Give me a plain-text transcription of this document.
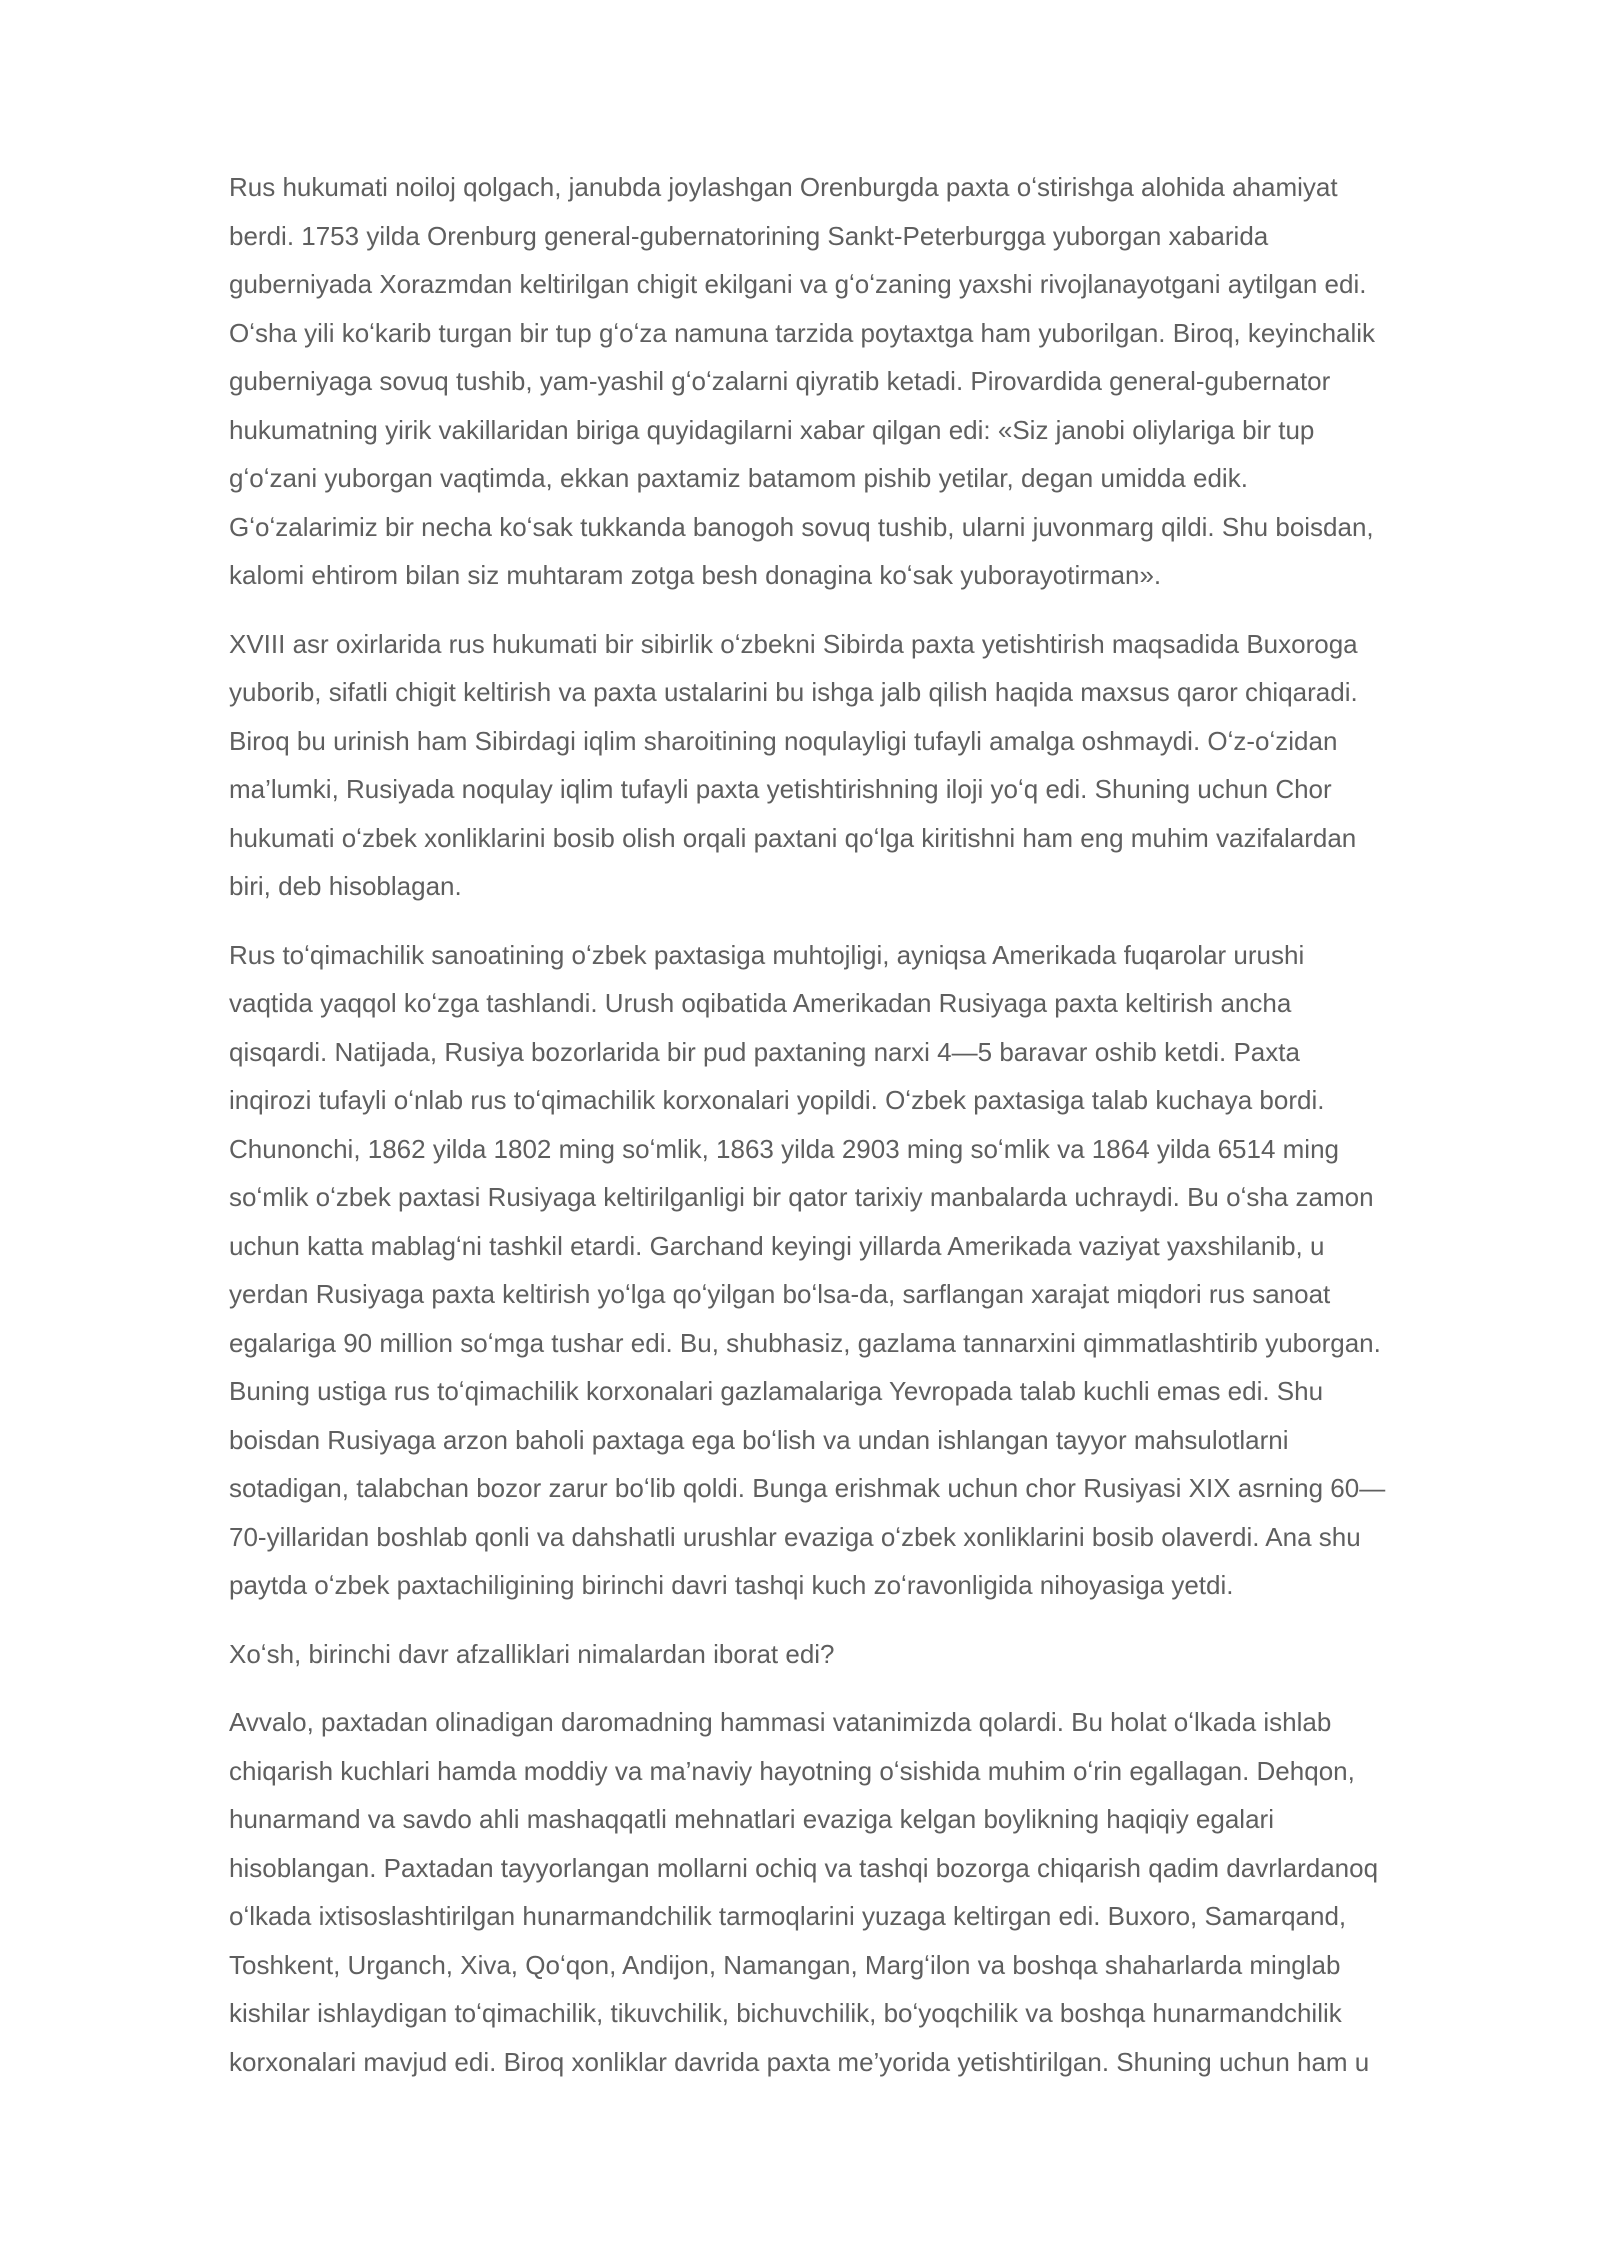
Rus hukumati noiloj qolgach, janubda joylashgan Orenburgda paxta oʻstirishga alohida ahamiyat
berdi. 1753 yilda Orenburg general-gubernatorining Sankt-Peterburgga yuborgan xabarida
guberniyada Xorazmdan keltirilgan chigit ekilgani va gʻoʻzaning yaxshi rivojlanayotgani aytilgan edi.
Oʻsha yili koʻkarib turgan bir tup gʻoʻza namuna tarzida poytaxtga ham yuborilgan. Biroq, keyinchalik
guberniyaga sovuq tushib, yam-yashil gʻoʻzalarni qiyratib ketadi. Pirovardida general-gubernator
hukumatning yirik vakillaridan biriga quyidagilarni xabar qilgan edi: «Siz janobi oliylariga bir tup
gʻoʻzani yuborgan vaqtimda, ekkan paxtamiz batamom pishib yetilar, degan umidda edik.
Gʻoʻzalarimiz bir necha koʻsak tukkanda banogoh sovuq tushib, ularni juvonmarg qildi. Shu boisdan,
kalomi ehtirom bilan siz muhtaram zotga besh donagina koʻsak yuborayotirman».

XVIII asr oxirlarida rus hukumati bir sibirlik oʻzbekni Sibirda paxta yetishtirish maqsadida Buxoroga
yuborib, sifatli chigit keltirish va paxta ustalarini bu ishga jalb qilish haqida maxsus qaror chiqaradi.
Biroq bu urinish ham Sibirdagi iqlim sharoitining noqulayligi tufayli amalga oshmaydi. Oʻz-oʻzidan
ma’lumki, Rusiyada noqulay iqlim tufayli paxta yetishtirishning iloji yoʻq edi. Shuning uchun Chor
hukumati oʻzbek xonliklarini bosib olish orqali paxtani qoʻlga kiritishni ham eng muhim vazifalardan
biri, deb hisoblagan.

Rus toʻqimachilik sanoatining oʻzbek paxtasiga muhtojligi, ayniqsa Amerikada fuqarolar urushi
vaqtida yaqqol koʻzga tashlandi. Urush oqibatida Amerikadan Rusiyaga paxta keltirish ancha
qisqardi. Natijada, Rusiya bozorlarida bir pud paxtaning narxi 4—5 baravar oshib ketdi. Paxta
inqirozi tufayli oʻnlab rus toʻqimachilik korxonalari yopildi. Oʻzbek paxtasiga talab kuchaya bordi.
Chunonchi, 1862 yilda 1802 ming soʻmlik, 1863 yilda 2903 ming soʻmlik va 1864 yilda 6514 ming
soʻmlik oʻzbek paxtasi Rusiyaga keltirilganligi bir qator tarixiy manbalarda uchraydi. Bu oʻsha zamon
uchun katta mablagʻni tashkil etardi. Garchand keyingi yillarda Amerikada vaziyat yaxshilanib, u
yerdan Rusiyaga paxta keltirish yoʻlga qoʻyilgan boʻlsa-da, sarflangan xarajat miqdori rus sanoat
egalariga 90 million soʻmga tushar edi. Bu, shubhasiz, gazlama tannarxini qimmatlashtirib yuborgan.
Buning ustiga rus toʻqimachilik korxonalari gazlamalariga Yevropada talab kuchli emas edi. Shu
boisdan Rusiyaga arzon baholi paxtaga ega boʻlish va undan ishlangan tayyor mahsulotlarni
sotadigan, talabchan bozor zarur boʻlib qoldi. Bunga erishmak uchun chor Rusiyasi XIX asrning 60—
70-yillaridan boshlab qonli va dahshatli urushlar evaziga oʻzbek xonliklarini bosib olaverdi. Ana shu
paytda oʻzbek paxtachiligining birinchi davri tashqi kuch zoʻravonligida nihoyasiga yetdi.

Xoʻsh, birinchi davr afzalliklari nimalardan iborat edi?

Avvalo, paxtadan olinadigan daromadning hammasi vatanimizda qolardi. Bu holat oʻlkada ishlab
chiqarish kuchlari hamda moddiy va ma’naviy hayotning oʻsishida muhim oʻrin egallagan. Dehqon,
hunarmand va savdo ahli mashaqqatli mehnatlari evaziga kelgan boylikning haqiqiy egalari
hisoblangan. Paxtadan tayyorlangan mollarni ochiq va tashqi bozorga chiqarish qadim davrlardanoq
oʻlkada ixtisoslashtirilgan hunarmandchilik tarmoqlarini yuzaga keltirgan edi. Buxoro, Samarqand,
Toshkent, Urganch, Xiva, Qoʻqon, Andijon, Namangan, Margʻilon va boshqa shaharlarda minglab
kishilar ishlaydigan toʻqimachilik, tikuvchilik, bichuvchilik, boʻyoqchilik va boshqa hunarmandchilik
korxonalari mavjud edi. Biroq xonliklar davrida paxta me’yorida yetishtirilgan. Shuning uchun ham u
